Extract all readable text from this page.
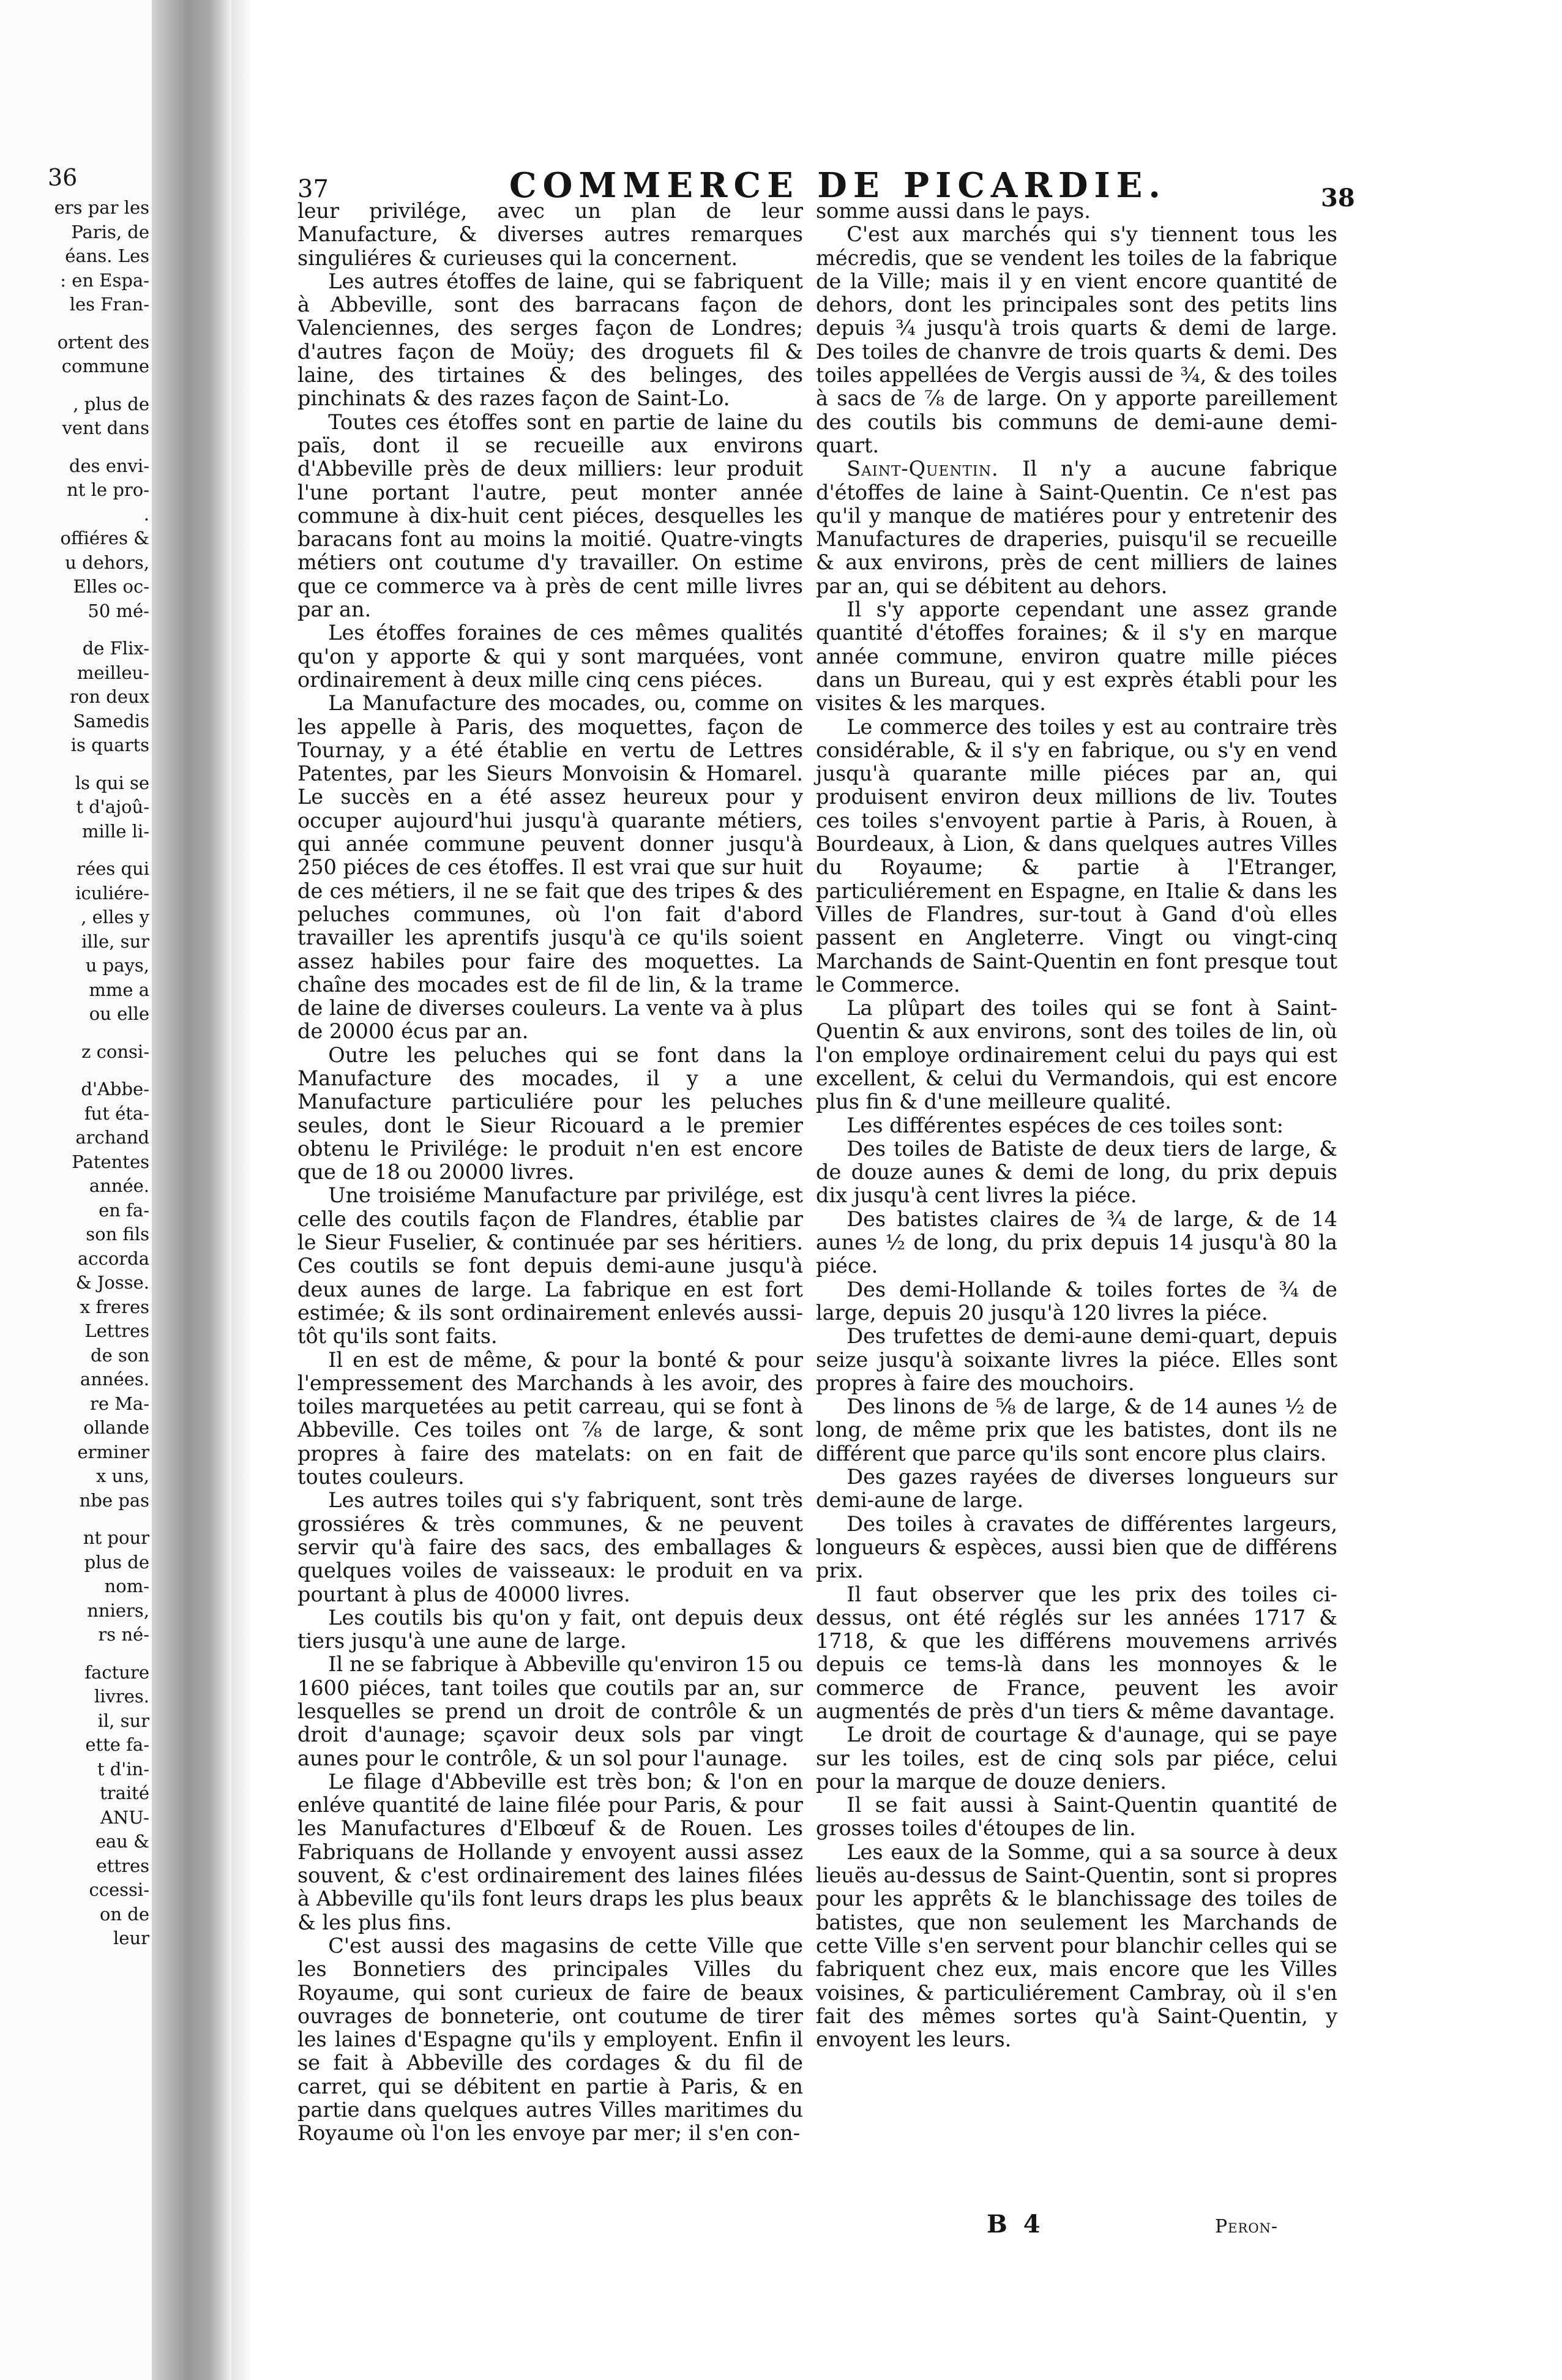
36
ers par les
Paris, de
éans. Les
: en Espa-
les Fran-
ortent des
commune
, plus de
vent dans
des envi-
nt le pro-
.
offiéres &
u dehors,
Elles oc-
50 mé-
de Flix-
meilleu-
ron deux
Samedis
is quarts
ls qui se
t d'ajoû-
mille li-
rées qui
iculiére-
, elles y
ille, sur
u pays,
mme a
ou elle
z consi-
d'Abbe-
fut éta-
archand
Patentes
année.
en fa-
son fils
accorda
& Josse.
x freres
Lettres
de son
années.
re Ma-
ollande
erminer
x uns,
nbe pas
nt pour
plus de
nom-
nniers,
rs né-
facture
livres.
il, sur
ette fa-
t d'in-
traité
ANU-
eau &
ettres
ccessi-
on de
leur
37	COMMERCE DE PICARDIE.	38

leur privilége, avec un plan de leur Manufacture, & diverses autres remarques singuliéres & curieuses qui la concernent.

Les autres étoffes de laine, qui se fabriquent à Abbeville, sont des barracans façon de Valenciennes, des serges façon de Londres; d'autres façon de Moüy; des droguets fil & laine, des tirtaines & des belinges, des pinchinats & des razes façon de Saint-Lo.

Toutes ces étoffes sont en partie de laine du païs, dont il se recueille aux environs d'Abbeville près de deux milliers: leur produit l'une portant l'autre, peut monter année commune à dix-huit cent piéces, desquelles les baracans font au moins la moitié. Quatre-vingts métiers ont coutume d'y travailler. On estime que ce commerce va à près de cent mille livres par an.

Les étoffes foraines de ces mêmes qualités qu'on y apporte & qui y sont marquées, vont ordinairement à deux mille cinq cens piéces.

La Manufacture des mocades, ou, comme on les appelle à Paris, des moquettes, façon de Tournay, y a été établie en vertu de Lettres Patentes, par les Sieurs Monvoisin & Homarel. Le succès en a été assez heureux pour y occuper aujourd'hui jusqu'à quarante métiers, qui année commune peuvent donner jusqu'à 250 piéces de ces étoffes. Il est vrai que sur huit de ces métiers, il ne se fait que des tripes & des peluches communes, où l'on fait d'abord travailler les aprentifs jusqu'à ce qu'ils soient assez habiles pour faire des moquettes. La chaîne des mocades est de fil de lin, & la trame de laine de diverses couleurs. La vente va à plus de 20000 écus par an.

Outre les peluches qui se font dans la Manufacture des mocades, il y a une Manufacture particuliére pour les peluches seules, dont le Sieur Ricouard a le premier obtenu le Privilége: le produit n'en est encore que de 18 ou 20000 livres.

Une troisiéme Manufacture par privilége, est celle des coutils façon de Flandres, établie par le Sieur Fuselier, & continuée par ses héritiers. Ces coutils se font depuis demi-aune jusqu'à deux aunes de large. La fabrique en est fort estimée; & ils sont ordinairement enlevés aussi-tôt qu'ils sont faits.

Il en est de même, & pour la bonté & pour l'empressement des Marchands à les avoir, des toiles marquetées au petit carreau, qui se font à Abbeville. Ces toiles ont ⅞ de large, & sont propres à faire des matelats: on en fait de toutes couleurs.

Les autres toiles qui s'y fabriquent, sont très grossiéres & très communes, & ne peuvent servir qu'à faire des sacs, des emballages & quelques voiles de vaisseaux: le produit en va pourtant à plus de 40000 livres.

Les coutils bis qu'on y fait, ont depuis deux tiers jusqu'à une aune de large.

Il ne se fabrique à Abbeville qu'environ 15 ou 1600 piéces, tant toiles que coutils par an, sur lesquelles se prend un droit de contrôle & un droit d'aunage; sçavoir deux sols par vingt aunes pour le contrôle, & un sol pour l'aunage.

Le filage d'Abbeville est très bon; & l'on en enléve quantité de laine filée pour Paris, & pour les Manufactures d'Elbœuf & de Rouen. Les Fabriquans de Hollande y envoyent aussi assez souvent, & c'est ordinairement des laines filées à Abbeville qu'ils font leurs draps les plus beaux & les plus fins.

C'est aussi des magasins de cette Ville que les Bonnetiers des principales Villes du Royaume, qui sont curieux de faire de beaux ouvrages de bonneterie, ont coutume de tirer les laines d'Espagne qu'ils y employent. Enfin il se fait à Abbeville des cordages & du fil de carret, qui se débitent en partie à Paris, & en partie dans quelques autres Villes maritimes du Royaume où l'on les envoye par mer; il s'en con-

somme aussi dans le pays.

C'est aux marchés qui s'y tiennent tous les mécredis, que se vendent les toiles de la fabrique de la Ville; mais il y en vient encore quantité de dehors, dont les principales sont des petits lins depuis ¾ jusqu'à trois quarts & demi de large. Des toiles de chanvre de trois quarts & demi. Des toiles appellées de Vergis aussi de ¾, & des toiles à sacs de ⅞ de large. On y apporte pareillement des coutils bis communs de demi-aune demi-quart.

Saint-Quentin. Il n'y a aucune fabrique d'étoffes de laine à Saint-Quentin. Ce n'est pas qu'il y manque de matiéres pour y entretenir des Manufactures de draperies, puisqu'il se recueille & aux environs, près de cent milliers de laines par an, qui se débitent au dehors.

Il s'y apporte cependant une assez grande quantité d'étoffes foraines; & il s'y en marque année commune, environ quatre mille piéces dans un Bureau, qui y est exprès établi pour les visites & les marques.

Le commerce des toiles y est au contraire très considérable, & il s'y en fabrique, ou s'y en vend jusqu'à quarante mille piéces par an, qui produisent environ deux millions de liv. Toutes ces toiles s'envoyent partie à Paris, à Rouen, à Bourdeaux, à Lion, & dans quelques autres Villes du Royaume; & partie à l'Etranger, particuliérement en Espagne, en Italie & dans les Villes de Flandres, sur-tout à Gand d'où elles passent en Angleterre. Vingt ou vingt-cinq Marchands de Saint-Quentin en font presque tout le Commerce.

La plûpart des toiles qui se font à Saint-Quentin & aux environs, sont des toiles de lin, où l'on employe ordinairement celui du pays qui est excellent, & celui du Vermandois, qui est encore plus fin & d'une meilleure qualité.

Les différentes espéces de ces toiles sont:

Des toiles de Batiste de deux tiers de large, & de douze aunes & demi de long, du prix depuis dix jusqu'à cent livres la piéce.

Des batistes claires de ¾ de large, & de 14 aunes ½ de long, du prix depuis 14 jusqu'à 80 la piéce.

Des demi-Hollande & toiles fortes de ¾ de large, depuis 20 jusqu'à 120 livres la piéce.

Des trufettes de demi-aune demi-quart, depuis seize jusqu'à soixante livres la piéce. Elles sont propres à faire des mouchoirs.

Des linons de ⅝ de large, & de 14 aunes ½ de long, de même prix que les batistes, dont ils ne différent que parce qu'ils sont encore plus clairs.

Des gazes rayées de diverses longueurs sur demi-aune de large.

Des toiles à cravates de différentes largeurs, longueurs & espèces, aussi bien que de différens prix.

Il faut observer que les prix des toiles ci-dessus, ont été réglés sur les années 1717 & 1718, & que les différens mouvemens arrivés depuis ce tems-là dans les monnoyes & le commerce de France, peuvent les avoir augmentés de près d'un tiers & même davantage.

Le droit de courtage & d'aunage, qui se paye sur les toiles, est de cinq sols par piéce, celui pour la marque de douze deniers.

Il se fait aussi à Saint-Quentin quantité de grosses toiles d'étoupes de lin.

Les eaux de la Somme, qui a sa source à deux lieuës au-dessus de Saint-Quentin, sont si propres pour les apprêts & le blanchissage des toiles de batistes, que non seulement les Marchands de cette Ville s'en servent pour blanchir celles qui se fabriquent chez eux, mais encore que les Villes voisines, & particuliérement Cambray, où il s'en fait des mêmes sortes qu'à Saint-Quentin, y envoyent les leurs.

B 4	Peron-
